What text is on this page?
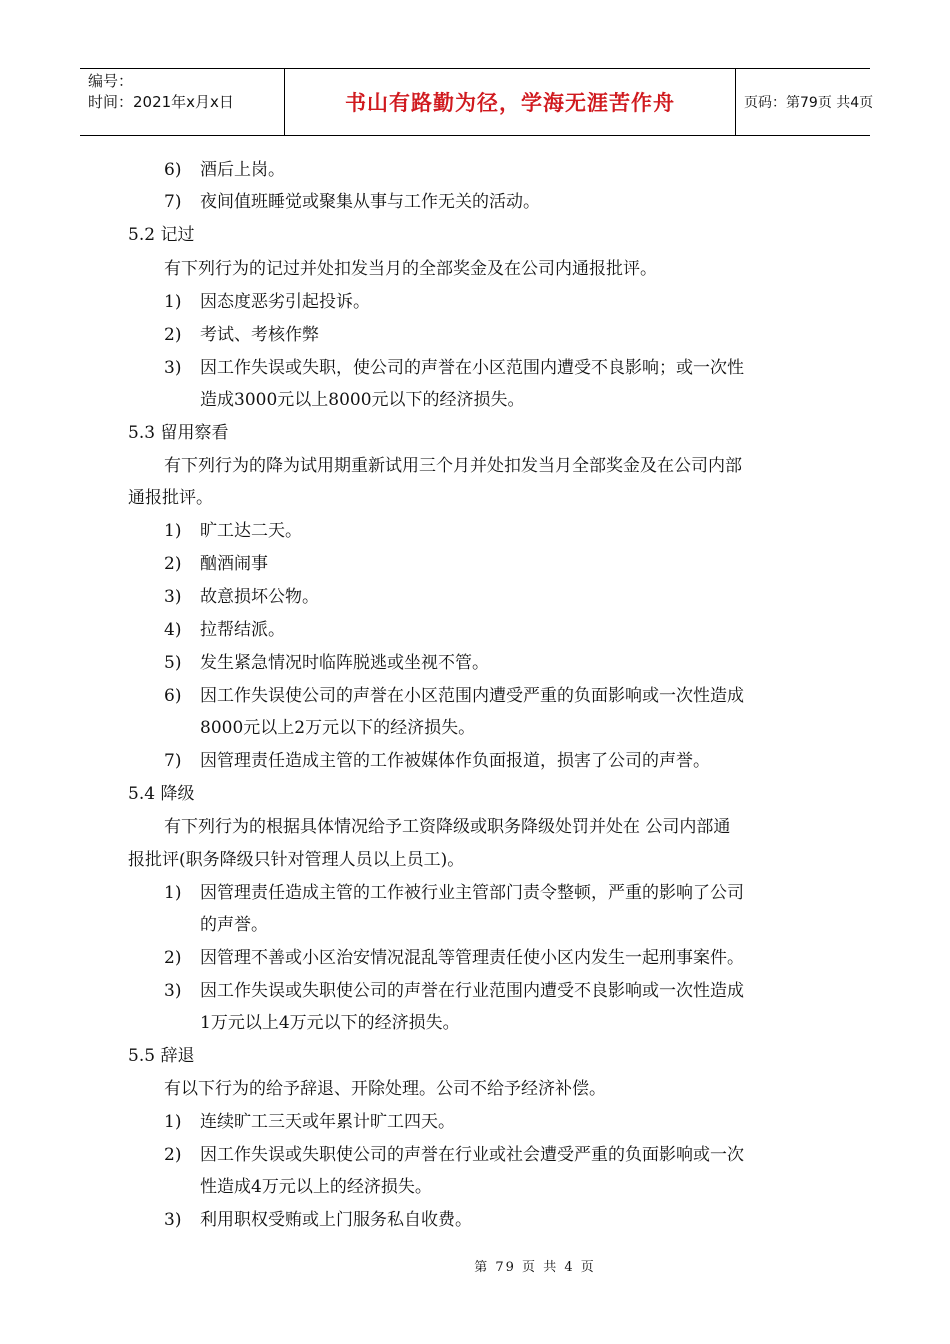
编号：
时间：2021年x月x日	书山有路勤为径，学海无涯苦作舟	页码：第79页 共4页
6) 酒后上岗。
7) 夜间值班睡觉或聚集从事与工作无关的活动。
5.2 记过
有下列行为的记过并处扣发当月的全部奖金及在公司内通报批评。
1) 因态度恶劣引起投诉。
2) 考试、考核作弊
3) 因工作失误或失职，使公司的声誉在小区范围内遭受不良影响；或一次性
造成3000元以上8000元以下的经济损失。
5.3 留用察看
有下列行为的降为试用期重新试用三个月并处扣发当月全部奖金及在公司内部
通报批评。
1) 旷工达二天。
2) 酗酒闹事
3) 故意损坏公物。
4) 拉帮结派。
5) 发生紧急情况时临阵脱逃或坐视不管。
6) 因工作失误使公司的声誉在小区范围内遭受严重的负面影响或一次性造成
8000元以上2万元以下的经济损失。
7) 因管理责任造成主管的工作被媒体作负面报道，损害了公司的声誉。
5.4 降级
有下列行为的根据具体情况给予工资降级或职务降级处罚并处在 公司内部通
报批评(职务降级只针对管理人员以上员工)。
1) 因管理责任造成主管的工作被行业主管部门责令整顿，严重的影响了公司
的声誉。
2) 因管理不善或小区治安情况混乱等管理责任使小区内发生一起刑事案件。
3) 因工作失误或失职使公司的声誉在行业范围内遭受不良影响或一次性造成
1万元以上4万元以下的经济损失。
5.5 辞退
有以下行为的给予辞退、开除处理。公司不给予经济补偿。
1) 连续旷工三天或年累计旷工四天。
2) 因工作失误或失职使公司的声誉在行业或社会遭受严重的负面影响或一次
性造成4万元以上的经济损失。
3) 利用职权受贿或上门服务私自收费。
第 79 页 共 4 页
